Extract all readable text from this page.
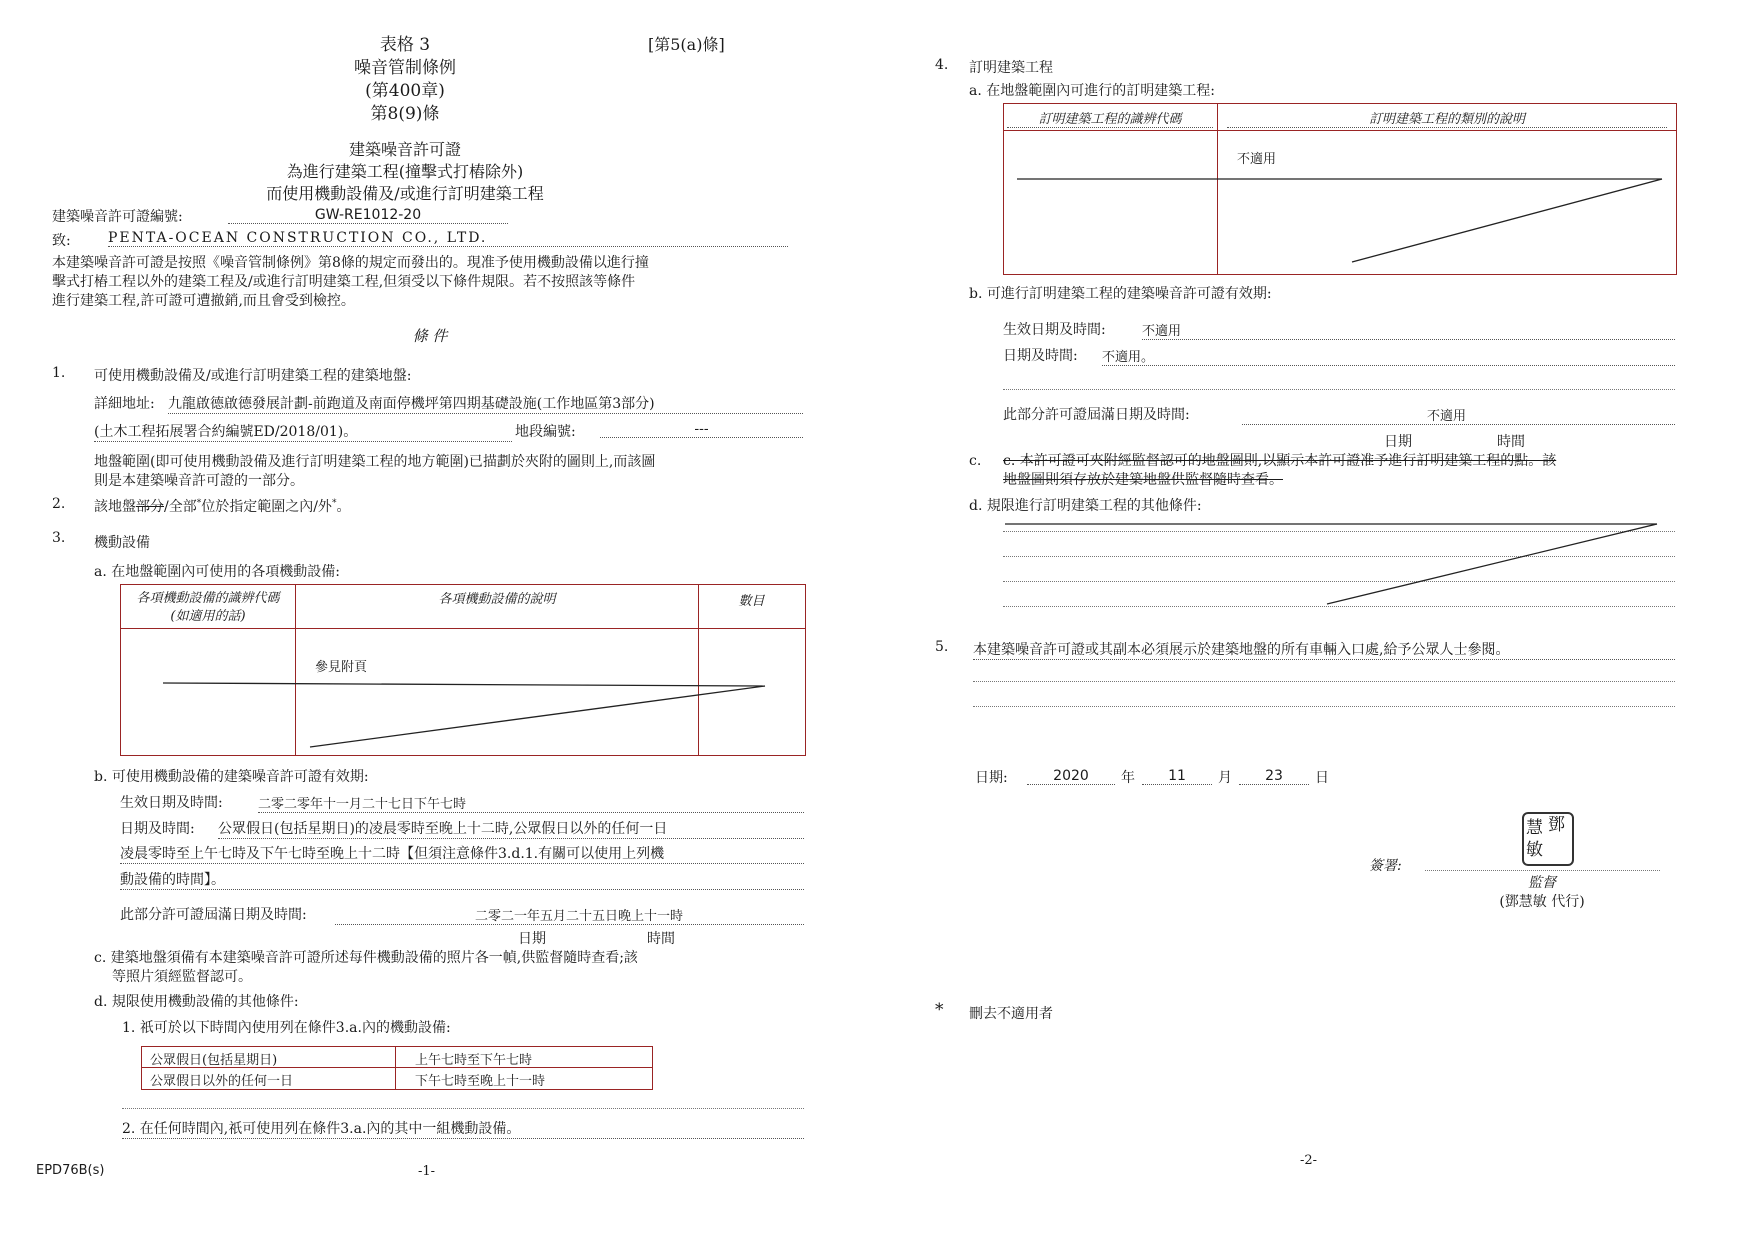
表格 3	[第5(a)條]
噪音管制條例
(第400章)
第8(9)條
建築噪音許可證
為進行建築工程(撞擊式打樁除外)
而使用機動設備及/或進行訂明建築工程
建築噪音許可證編號:	GW-RE1012-20
致:	PENTA-OCEAN CONSTRUCTION CO., LTD.
本建築噪音許可證是按照《噪音管制條例》第8條的規定而發出的。現准予使用機動設備以進行撞
擊式打樁工程以外的建築工程及/或進行訂明建築工程,但須受以下條件規限。若不按照該等條件
進行建築工程,許可證可遭撤銷,而且會受到檢控。
條 件
1. 可使用機動設備及/或進行訂明建築工程的建築地盤:
詳細地址: 九龍啟德啟德發展計劃-前跑道及南面停機坪第四期基礎設施(工作地區第3部分)
(土木工程拓展署合約編號ED/2018/01)。	地段編號:	---
地盤範圍(即可使用機動設備及進行訂明建築工程的地方範圍)已描劃於夾附的圖則上,而該圖
則是本建築噪音許可證的一部分。
2. 該地盤部分/全部*位於指定範圍之內/外*。
3. 機動設備
a. 在地盤範圍內可使用的各項機動設備:
各項機動設備的識辨代碼
(如適用的話)
各項機動設備的說明	數目
參見附頁
b. 可使用機動設備的建築噪音許可證有效期:
生效日期及時間:	二零二零年十一月二十七日下午七時
日期及時間: 公眾假日(包括星期日)的凌晨零時至晚上十二時,公眾假日以外的任何一日
凌晨零時至上午七時及下午七時至晚上十二時【但須注意條件3.d.1.有關可以使用上列機
動設備的時間】。
此部分許可證屆滿日期及時間:	二零二一年五月二十五日晚上十一時
日期	時間
c. 建築地盤須備有本建築噪音許可證所述每件機動設備的照片各一幀,供監督隨時查看;該
等照片須經監督認可。
d. 規限使用機動設備的其他條件:
1. 祇可於以下時間內使用列在條件3.a.內的機動設備:
公眾假日(包括星期日)	上午七時至下午七時
公眾假日以外的任何一日	下午七時至晚上十一時
2. 在任何時間內,祇可使用列在條件3.a.內的其中一組機動設備。
EPD76B(s)	-1-
4. 訂明建築工程
a. 在地盤範圍內可進行的訂明建築工程:
訂明建築工程的識辨代碼	訂明建築工程的類別的說明
不適用
b. 可進行訂明建築工程的建築噪音許可證有效期:
生效日期及時間:	不適用
日期及時間: 不適用。
此部分許可證屆滿日期及時間:	不適用
日期	時間
c. c. 本許可證可夾附經監督認可的地盤圖則,以顯示本許可證准予進行訂明建築工程的點。該
地盤圖則須存放於建築地盤供監督隨時查看。
d. 規限進行訂明建築工程的其他條件:
5. 本建築噪音許可證或其副本必須展示於建築地盤的所有車輛入口處,給予公眾人士參閱。
日期:	2020	年	11	月	23	日
鄧
慧
敏
簽署:
監督
(鄧慧敏 代行)
* 刪去不適用者
-2-
